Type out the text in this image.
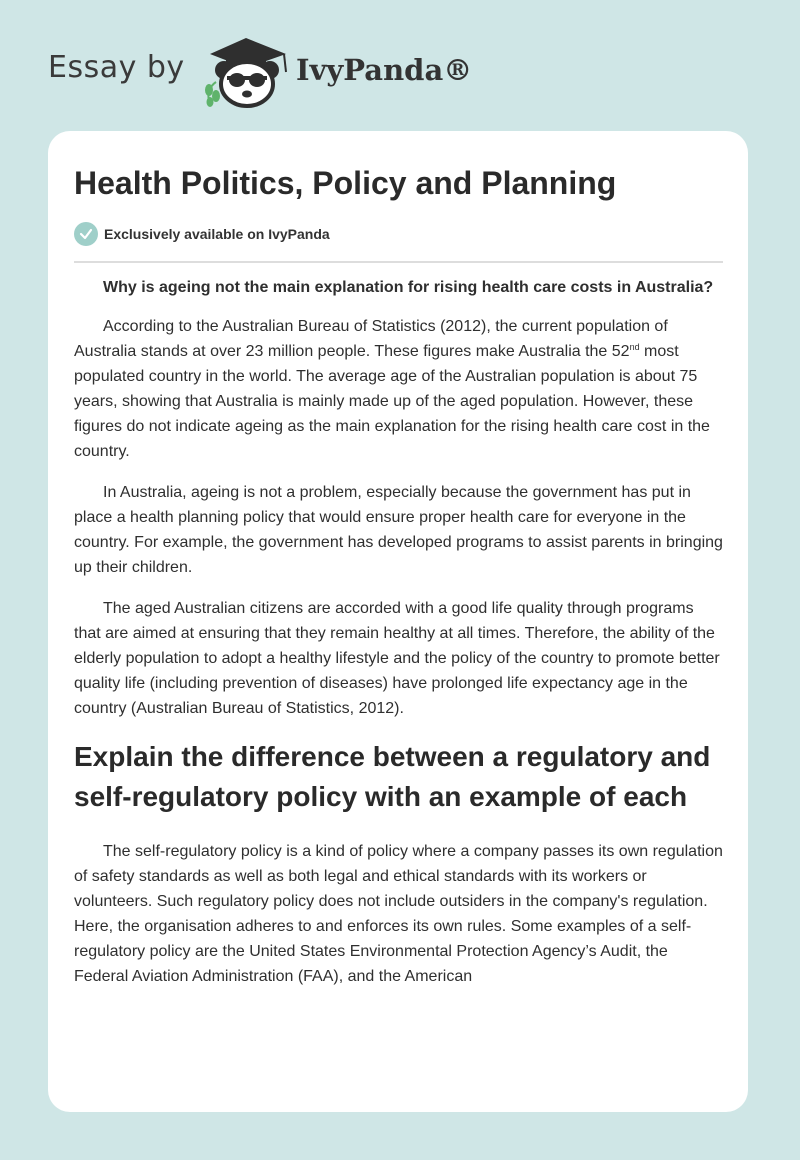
Essay by	IvyPanda®
Health Politics, Policy and Planning
Exclusively available on IvyPanda

Why is ageing not the main explanation for rising health care costs in Australia?

According to the Australian Bureau of Statistics (2012), the current population of Australia stands at over 23 million people. These figures make Australia the 52nd most populated country in the world. The average age of the Australian population is about 75 years, showing that Australia is mainly made up of the aged population. However, these figures do not indicate ageing as the main explanation for the rising health care cost in the country.

In Australia, ageing is not a problem, especially because the government has put in place a health planning policy that would ensure proper health care for everyone in the country. For example, the government has developed programs to assist parents in bringing up their children.

The aged Australian citizens are accorded with a good life quality through programs that are aimed at ensuring that they remain healthy at all times. Therefore, the ability of the elderly population to adopt a healthy lifestyle and the policy of the country to promote better quality life (including prevention of diseases) have prolonged life expectancy age in the country (Australian Bureau of Statistics, 2012).

Explain the difference between a regulatory and self-regulatory policy with an example of each

The self-regulatory policy is a kind of policy where a company passes its own regulation of safety standards as well as both legal and ethical standards with its workers or volunteers. Such regulatory policy does not include outsiders in the company's regulation. Here, the organisation adheres to and enforces its own rules. Some examples of a self-regulatory policy are the United States Environmental Protection Agency’s Audit, the Federal Aviation Administration (FAA), and the American
